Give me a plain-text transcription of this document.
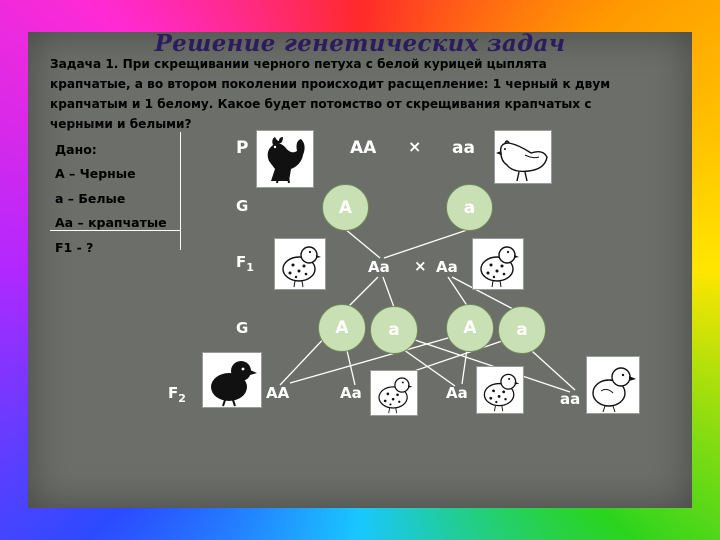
Решение генетических задач
Задача 1. При скрещивании черного петуха с белой курицей цыплята
крапчатые, а во втором поколении происходит расщепление: 1 черный к двум
крапчатым и 1 белому. Какое будет потомство от скрещивания крапчатых с
черными и белыми?
Дано:
А – Черные
а – Белые
Аа – крапчатые
F1 - ?
P	АА × аа
G	А	а
$F_1$	Аа × Аа
G	А а	А а
$F_2$	АА	Аа	Аа	аа
